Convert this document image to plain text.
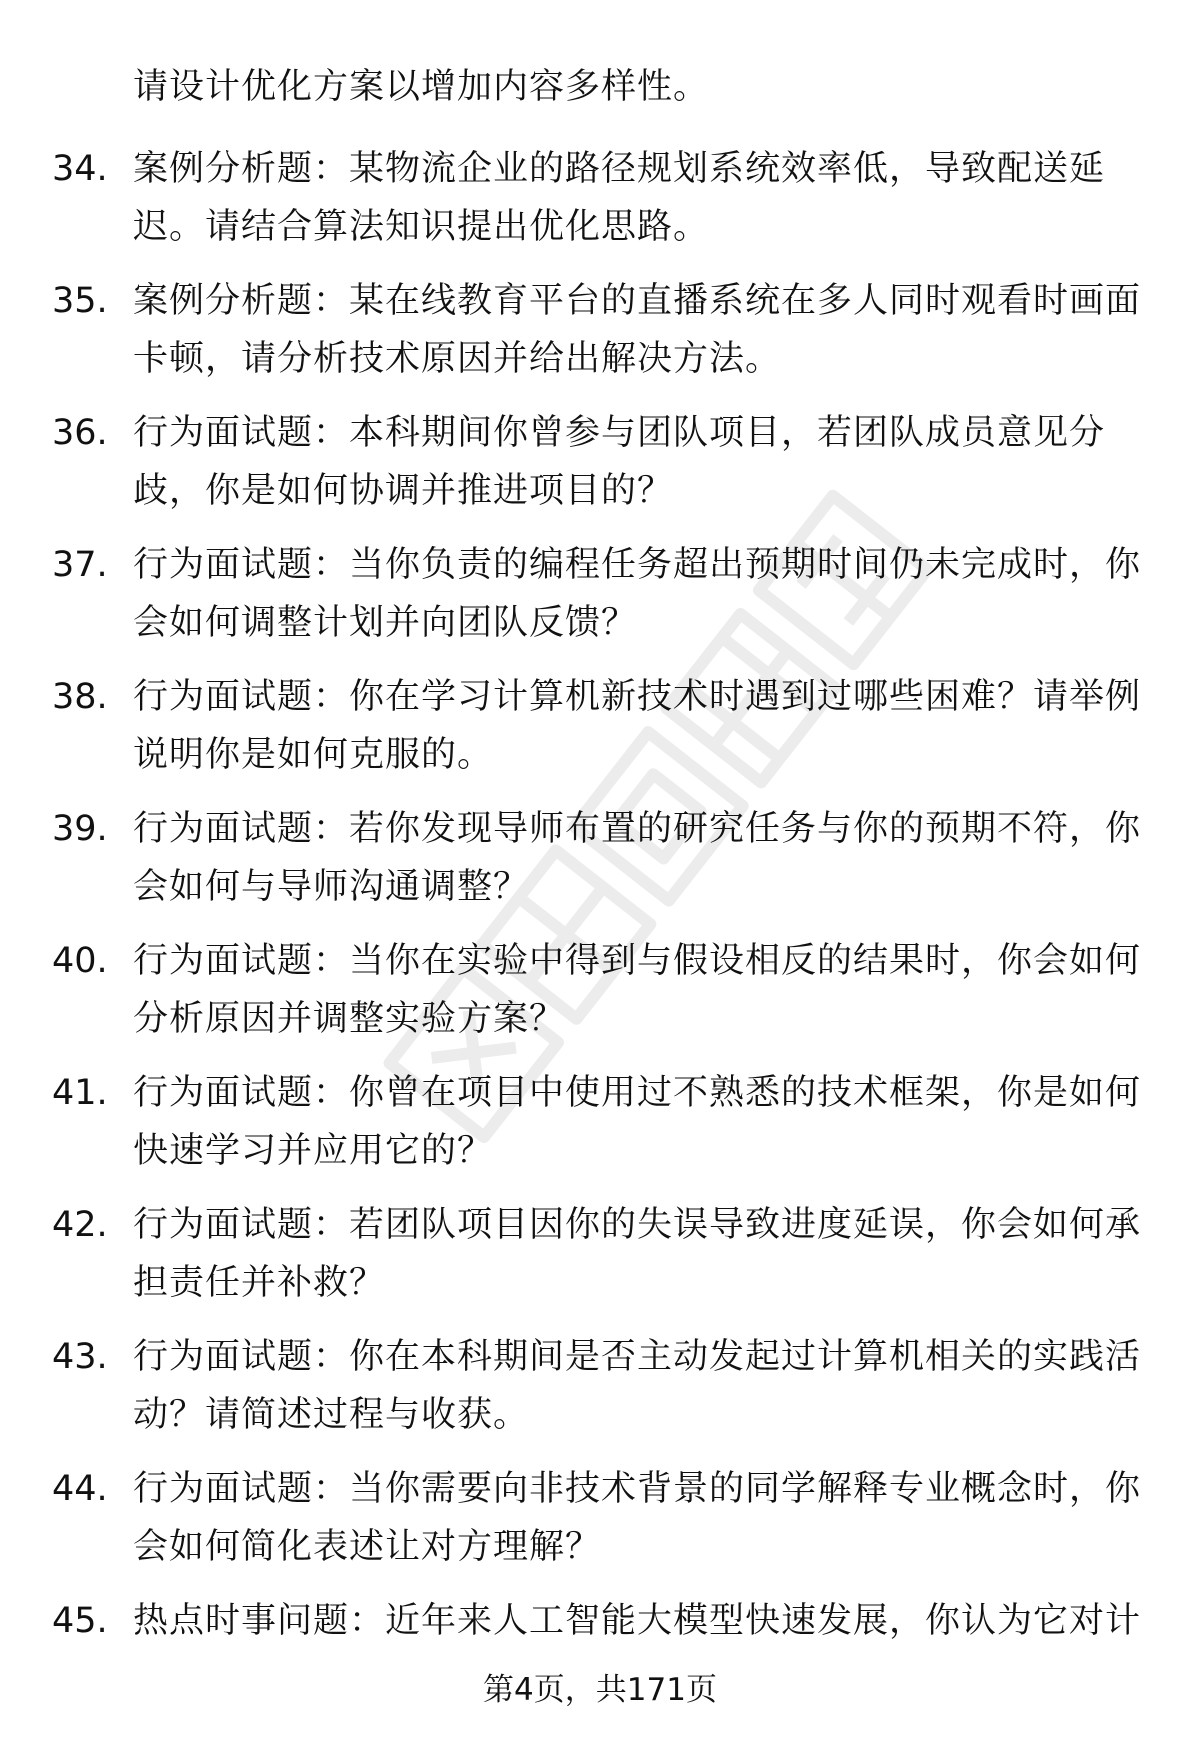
请设计优化方案以增加内容多样性。
34. 案例分析题：某物流企业的路径规划系统效率低，导致配送延
迟。请结合算法知识提出优化思路。
35. 案例分析题：某在线教育平台的直播系统在多人同时观看时画面
卡顿，请分析技术原因并给出解决方法。
36. 行为面试题：本科期间你曾参与团队项目，若团队成员意见分
歧，你是如何协调并推进项目的？
37. 行为面试题：当你负责的编程任务超出预期时间仍未完成时，你
会如何调整计划并向团队反馈？
38. 行为面试题：你在学习计算机新技术时遇到过哪些困难？请举例
说明你是如何克服的。
39. 行为面试题：若你发现导师布置的研究任务与你的预期不符，你
会如何与导师沟通调整？
40. 行为面试题：当你在实验中得到与假设相反的结果时，你会如何
分析原因并调整实验方案？
41. 行为面试题：你曾在项目中使用过不熟悉的技术框架，你是如何
快速学习并应用它的？
42. 行为面试题：若团队项目因你的失误导致进度延误，你会如何承
担责任并补救？
43. 行为面试题：你在本科期间是否主动发起过计算机相关的实践活
动？请简述过程与收获。
44. 行为面试题：当你需要向非技术背景的同学解释专业概念时，你
会如何简化表述让对方理解？
45. 热点时事问题：近年来人工智能大模型快速发展，你认为它对计
第4页，共171页
